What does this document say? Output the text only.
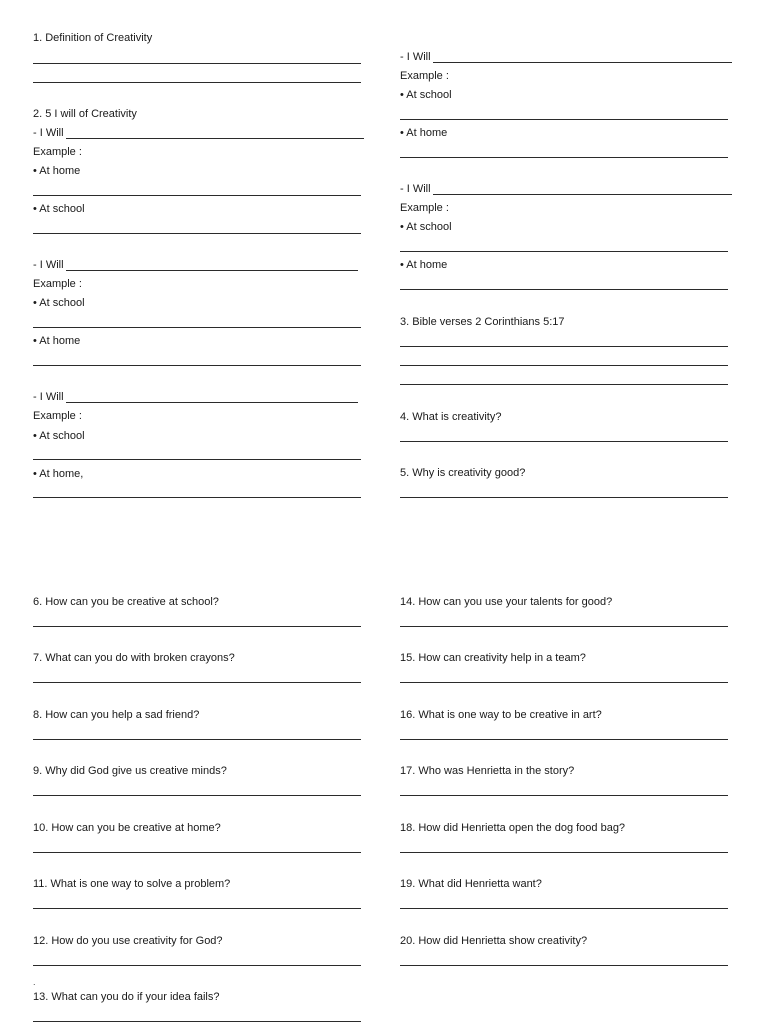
1. Definition of Creativity
2. 5 I will of Creativity
- I Will
Example :
• At home
• At school
- I Will
Example :
• At school
• At home
- I Will
Example :
• At school
• At home,
- I Will
Example :
• At school
• At home
- I Will
Example :
• At school
• At home
3. Bible verses 2 Corinthians 5:17
4. What is creativity?
5. Why is creativity good?
6. How can you be creative at school?
7. What can you do with broken crayons?
8. How can you help a sad friend?
9. Why did God give us creative minds?
10. How can you be creative at home?
11. What is one way to solve a problem?
12. How do you use creativity for God?
.
13. What can you do if your idea fails?
14. How can you use your talents for good?
15. How can creativity help in a team?
16. What is one way to be creative in art?
17. Who was Henrietta in the story?
18. How did Henrietta open the dog food bag?
19. What did Henrietta want?
20. How did Henrietta show creativity?
